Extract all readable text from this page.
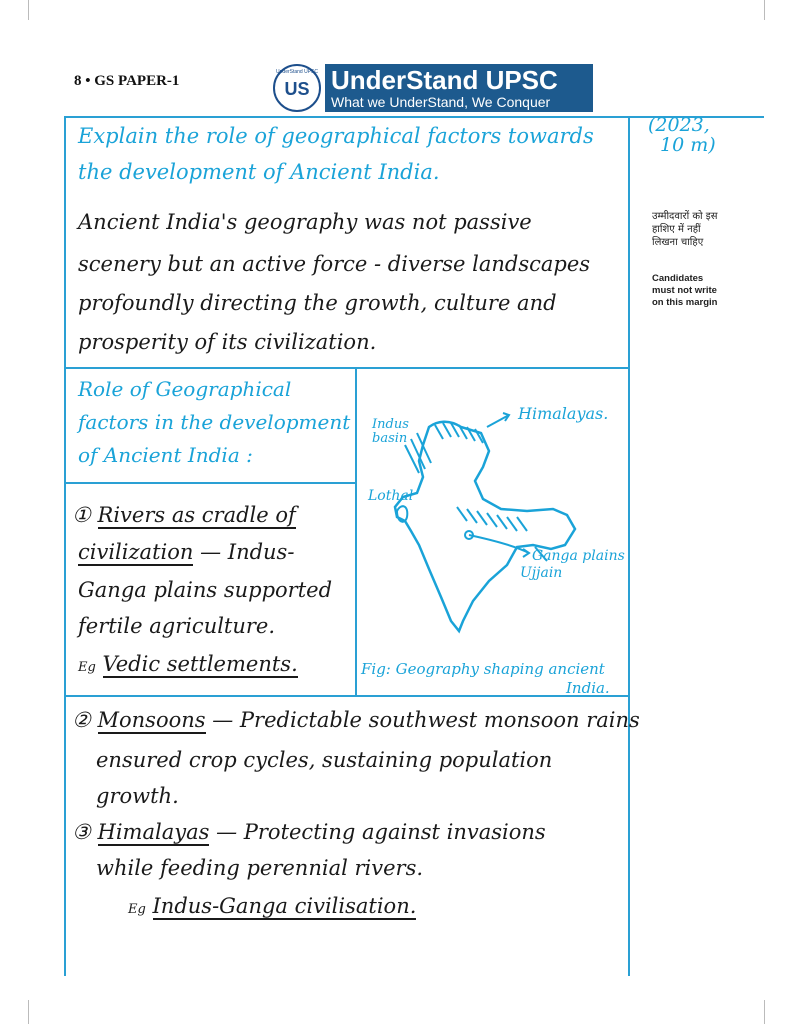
8 • GS PAPER-1
UnderStand UPSC
US UnderStand UPSC
What we UnderStand, We Conquer
Explain the role of geographical factors towards
the development of Ancient India.
(2023,
10 m)
उम्मीदवारों को इस हाशिए में नहीं लिखना चाहिए
Candidates must not write on this margin
Ancient India's geography was not passive
scenery but an active force - diverse landscapes
profoundly directing the growth, culture and
prosperity of its civilization.
Role of Geographical
factors in the development
of Ancient India :
Indus basin
Himalayas.
Lothal
Ganga plains
Ujjain
Fig: Geography shaping ancient
India.
① Rivers as cradle of
civilization — Indus-
Ganga plains supported
fertile agriculture.
Eg Vedic settlements.
② Monsoons — Predictable southwest monsoon rains
ensured crop cycles, sustaining population
growth.
③ Himalayas — Protecting against invasions
while feeding perennial rivers.
Eg Indus-Ganga civilisation.
